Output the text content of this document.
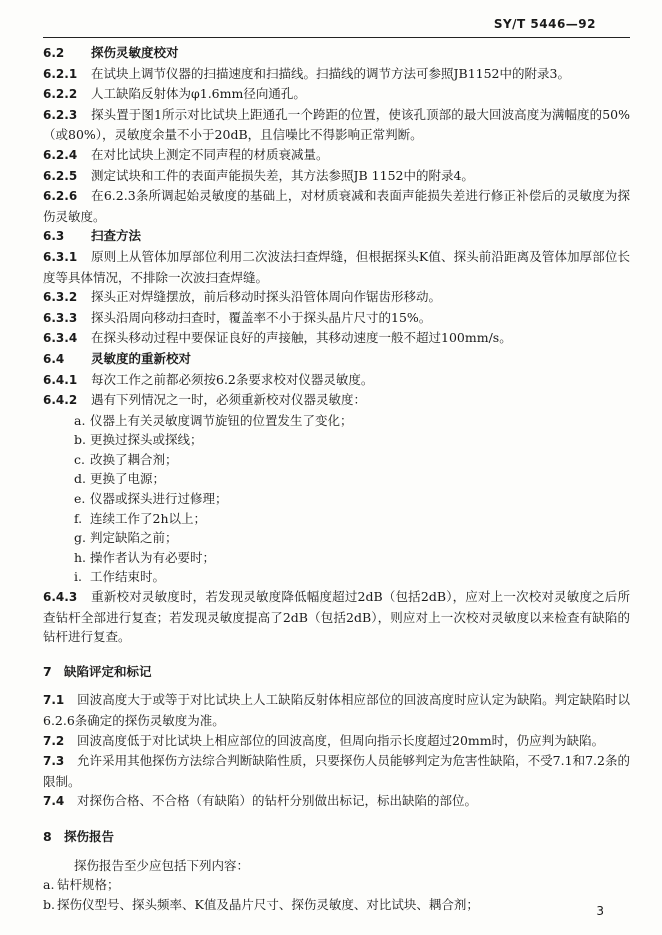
SY/T 5446—92

6.2 探伤灵敏度校对

6.2.1 在试块上调节仪器的扫描速度和扫描线。扫描线的调节方法可参照JB1152中的附录3。

6.2.2 人工缺陷反射体为φ1.6mm径向通孔。

6.2.3 探头置于图1所示对比试块上距通孔一个跨距的位置，使该孔顶部的最大回波高度为满幅度的50%（或80%），灵敏度余量不小于20dB，且信噪比不得影响正常判断。

6.2.4 在对比试块上测定不同声程的材质衰减量。

6.2.5 测定试块和工件的表面声能损失差，其方法参照JB 1152中的附录4。

6.2.6 在6.2.3条所调起始灵敏度的基础上，对材质衰减和表面声能损失差进行修正补偿后的灵敏度为探伤灵敏度。

6.3 扫查方法

6.3.1 原则上从管体加厚部位利用二次波法扫查焊缝，但根据探头K值、探头前沿距离及管体加厚部位长度等具体情况，不排除一次波扫查焊缝。

6.3.2 探头正对焊缝摆放，前后移动时探头沿管体周向作锯齿形移动。

6.3.3 探头沿周向移动扫查时，覆盖率不小于探头晶片尺寸的15%。

6.3.4 在探头移动过程中要保证良好的声接触，其移动速度一般不超过100mm/s。

6.4 灵敏度的重新校对

6.4.1 每次工作之前都必须按6.2条要求校对仪器灵敏度。

6.4.2 遇有下列情况之一时，必须重新校对仪器灵敏度：

a. 仪器上有关灵敏度调节旋钮的位置发生了变化；

b. 更换过探头或探线；

c. 改换了耦合剂；

d. 更换了电源；

e. 仪器或探头进行过修理；

f. 连续工作了2h以上；

g. 判定缺陷之前；

h. 操作者认为有必要时；

i. 工作结束时。

6.4.3 重新校对灵敏度时，若发现灵敏度降低幅度超过2dB（包括2dB），应对上一次校对灵敏度之后所查钻杆全部进行复查；若发现灵敏度提高了2dB（包括2dB），则应对上一次校对灵敏度以来检查有缺陷的钻杆进行复查。

7 缺陷评定和标记

7.1 回波高度大于或等于对比试块上人工缺陷反射体相应部位的回波高度时应认定为缺陷。判定缺陷时以6.2.6条确定的探伤灵敏度为准。

7.2 回波高度低于对比试块上相应部位的回波高度，但周向指示长度超过20mm时，仍应判为缺陷。

7.3 允许采用其他探伤方法综合判断缺陷性质，只要探伤人员能够判定为危害性缺陷，不受7.1和7.2条的限制。

7.4 对探伤合格、不合格（有缺陷）的钻杆分别做出标记，标出缺陷的部位。

8 探伤报告

探伤报告至少应包括下列内容：

a. 钻杆规格；

b. 探伤仪型号、探头频率、K值及晶片尺寸、探伤灵敏度、对比试块、耦合剂；	3
